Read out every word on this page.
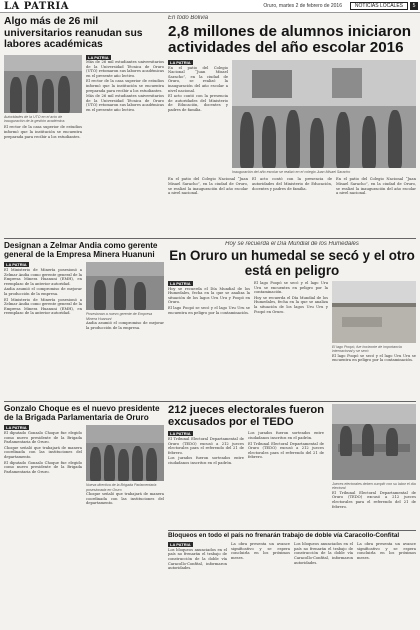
LA PATRIA	Oruro, martes 2 de febrero de 2016	NOTICIAS LOCALES	5
Algo más de 26 mil universitarios reanudan sus labores académicas
Autoridades de la UTO en el acto de inauguración de la gestión académica.

El rector de la casa superior de estudios informó que la institución se encuentra preparada para recibir a los estudiantes.

LA PATRIA

Más de 26 mil estudiantes universitarios de la Universidad Técnica de Oruro (UTO) retomaron sus labores académicas en el presente año lectivo.

El rector de la casa superior de estudios informó que la institución se encuentra preparada para recibir a los estudiantes.

Más de 26 mil estudiantes universitarios de la Universidad Técnica de Oruro (UTO) retomaron sus labores académicas en el presente año lectivo.

En todo Bolivia
2,8 millones de alumnos iniciaron actividades del año escolar 2016
LA PATRIA

En el patio del Colegio Nacional “Juan Misael Saracho”, en la ciudad de Oruro, se realizó la inauguración del año escolar a nivel nacional.

El acto contó con la presencia de autoridades del Ministerio de Educación, docentes y padres de familia.

Inauguración del año escolar se realizó en el colegio Juan Misael Saracho

En el patio del Colegio Nacional “Juan Misael Saracho”, en la ciudad de Oruro, se realizó la inauguración del año escolar a nivel nacional.

El acto contó con la presencia de autoridades del Ministerio de Educación, docentes y padres de familia.

En el patio del Colegio Nacional “Juan Misael Saracho”, en la ciudad de Oruro, se realizó la inauguración del año escolar a nivel nacional.

Designan a Zelmar Andia como gerente general de la Empresa Minera Huanuni
LA PATRIA

El Ministerio de Minería posesionó a Zelmar Andia como gerente general de la Empresa Minera Huanuni (EMH), en reemplazo de la anterior autoridad.

Andia asumió el compromiso de mejorar la producción de la empresa.

El Ministerio de Minería posesionó a Zelmar Andia como gerente general de la Empresa Minera Huanuni (EMH), en reemplazo de la anterior autoridad.	Posesionan a nuevo gerente de Empresa Minera Huanuni

Andia asumió el compromiso de mejorar la producción de la empresa.

Hoy se recuerda el Día Mundial de los Humedales
En Oruro un humedal se secó y el otro está en peligro
LA PATRIA

Hoy se recuerda el Día Mundial de los Humedales, fecha en la que se analiza la situación de los lagos Uru Uru y Poopó en Oruro.

El lago Poopó se secó y el lago Uru Uru se encuentra en peligro por la contaminación.

El lago Poopó se secó y el lago Uru Uru se encuentra en peligro por la contaminación.

Hoy se recuerda el Día Mundial de los Humedales, fecha en la que se analiza la situación de los lagos Uru Uru y Poopó en Oruro.

El lago Poopó, fue horizonte de importancia internacional y se secó

El lago Poopó se secó y el lago Uru Uru se encuentra en peligro por la contaminación.

Gonzalo Choque es el nuevo presidente de la Brigada Parlamentaria de Oruro
LA PATRIA

El diputado Gonzalo Choque fue elegido como nuevo presidente de la Brigada Parlamentaria de Oruro.

Choque señaló que trabajará de manera coordinada con las instituciones del departamento.

El diputado Gonzalo Choque fue elegido como nuevo presidente de la Brigada Parlamentaria de Oruro.

Nueva directiva de la Brigada Parlamentaria posesionada en Oruro

Choque señaló que trabajará de manera coordinada con las instituciones del departamento.

212 jueces electorales fueron excusados por el TEDO
LA PATRIA

El Tribunal Electoral Departamental de Oruro (TEDO) excusó a 212 jueces electorales para el referendo del 21 de febrero.

Los jurados fueron sorteados entre ciudadanos inscritos en el padrón.

Los jurados fueron sorteados entre ciudadanos inscritos en el padrón.

El Tribunal Electoral Departamental de Oruro (TEDO) excusó a 212 jueces electorales para el referendo del 21 de febrero.

Jueces electorales deben cumplir con su labor el día electoral

El Tribunal Electoral Departamental de Oruro (TEDO) excusó a 212 jueces electorales para el referendo del 21 de febrero.

Bloqueos en todo el país no frenarán trabajo de doble vía Caracollo-Confital
LA PATRIA

Los bloqueos anunciados en el país no frenarán el trabajo de construcción de la doble vía Caracollo-Confital, informaron autoridades.

La obra presenta un avance significativo y se espera concluirla en los próximos meses.

Los bloqueos anunciados en el país no frenarán el trabajo de construcción de la doble vía Caracollo-Confital, informaron autoridades.

La obra presenta un avance significativo y se espera concluirla en los próximos meses.
